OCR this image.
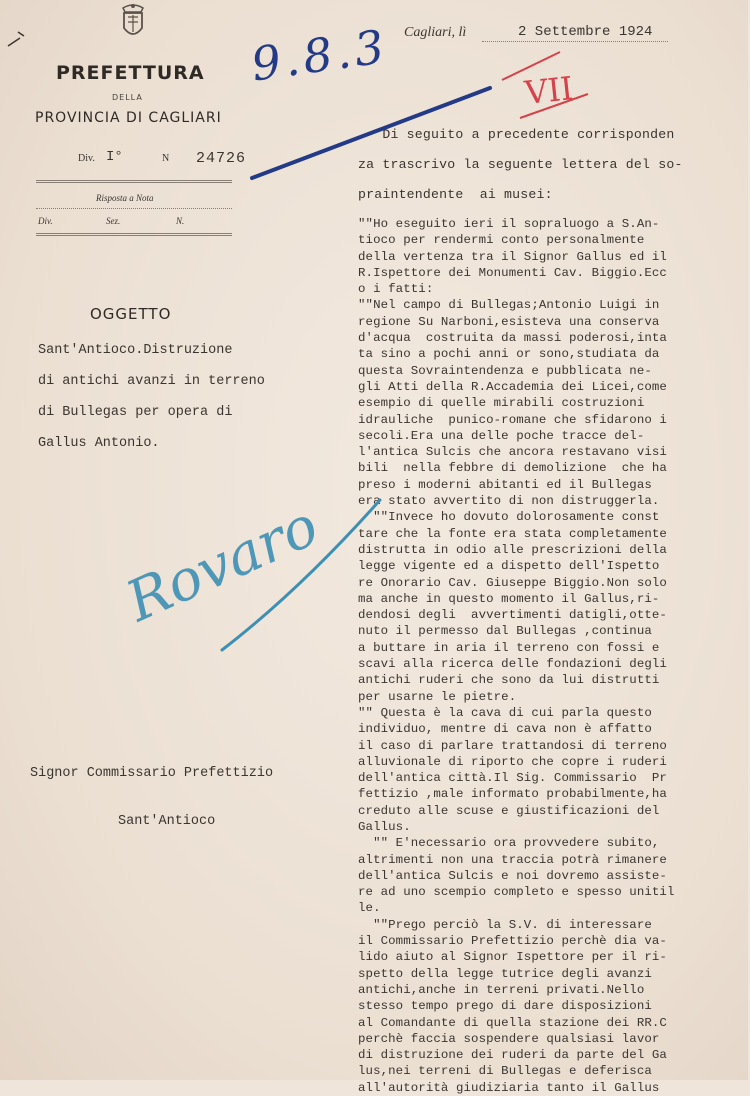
PREFETTURA
DELLA
PROVINCIA DI CAGLIARI
Div. I°	N 24726
Risposta a Nota
Div.	Sez.	N.
Cagliari, lì	2 Settembre 1924
OGGETTO
Sant'Antioco.Distruzione
di antichi avanzi in terreno
di Bullegas per opera di
Gallus Antonio.
Signor Commissario Prefettizio
Sant'Antioco
Di seguito a precedente corrisponden
za trascrivo la seguente lettera del so-
praintendente  ai musei:
""Ho eseguito ieri il sopraluogo a S.An-
tioco per rendermi conto personalmente
della vertenza tra il Signor Gallus ed il
R.Ispettore dei Monumenti Cav. Biggio.Ecc
o i fatti:
""Nel campo di Bullegas;Antonio Luigi in
regione Su Narboni,esisteva una conserva
d'acqua  costruita da massi poderosi,inta
ta sino a pochi anni or sono,studiata da
questa Sovraintendenza e pubblicata ne-
gli Atti della R.Accademia dei Licei,come
esempio di quelle mirabili costruzioni
idrauliche  punico-romane che sfidarono i
secoli.Era una delle poche tracce del-
l'antica Sulcis che ancora restavano visi
bili  nella febbre di demolizione  che ha
preso i moderni abitanti ed il Bullegas
era stato avvertito di non distruggerla.
""Invece ho dovuto dolorosamente const
tare che la fonte era stata completamente
distrutta in odio alle prescrizioni della
legge vigente ed a dispetto dell'Ispetto
re Onorario Cav. Giuseppe Biggio.Non solo
ma anche in questo momento il Gallus,ri-
dendosi degli  avvertimenti datigli,otte-
nuto il permesso dal Bullegas ,continua
a buttare in aria il terreno con fossi e
scavi alla ricerca delle fondazioni degli
antichi ruderi che sono da lui distrutti
per usarne le pietre.
"" Questa è la cava di cui parla questo
individuo, mentre di cava non è affatto
il caso di parlare trattandosi di terreno
alluvionale di riporto che copre i ruderi
dell'antica città.Il Sig. Commissario  Pr
fettizio ,male informato probabilmente,ha
creduto alle scuse e giustificazioni del
Gallus.
"" E'necessario ora provvedere subito,
altrimenti non una traccia potrà rimanere
dell'antica Sulcis e noi dovremo assiste-
re ad uno scempio completo e spesso unitil
le.
""Prego perciò la S.V. di interessare
il Commissario Prefettizio perchè dia va-
lido aiuto al Signor Ispettore per il ri-
spetto della legge tutrice degli avanzi
antichi,anche in terreni privati.Nello
stesso tempo prego di dare disposizioni
al Comandante di quella stazione dei RR.C
perchè faccia sospendere qualsiasi lavor
di distruzione dei ruderi da parte del Ga
lus,nei terreni di Bullegas e deferisca
all'autorità giudiziaria tanto il Gallus
9.8.3	VII
Rovaro
